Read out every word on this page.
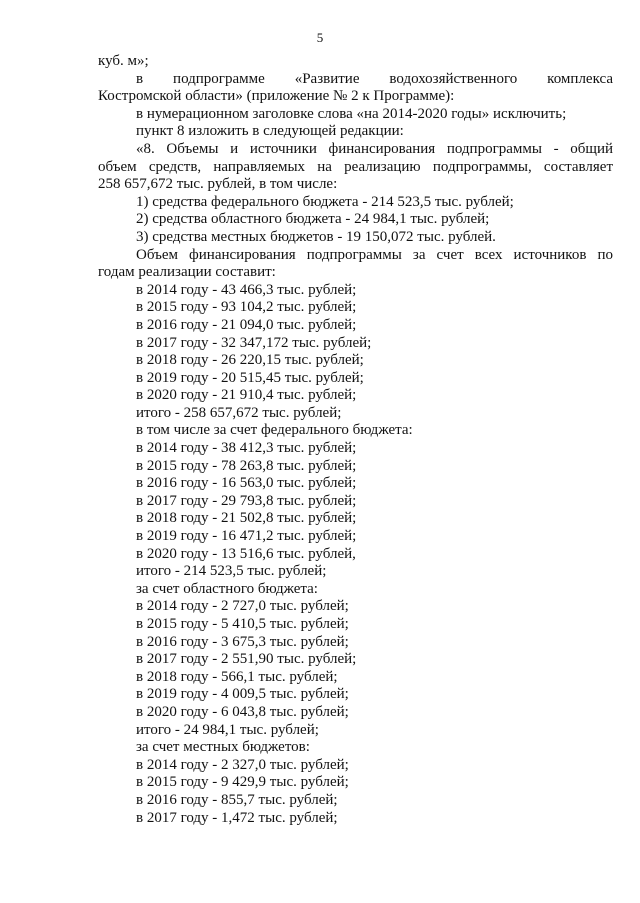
5

куб. м»;

в подпрограмме «Развитие водохозяйственного комплекса

Костромской области» (приложение № 2 к Программе):

в нумерационном заголовке слова «на 2014-2020 годы» исключить;

пункт 8 изложить в следующей редакции:

«8. Объемы и источники финансирования подпрограммы - общий

объем средств, направляемых на реализацию подпрограммы, составляет

258 657,672 тыс. рублей, в том числе:

1) средства федерального бюджета - 214 523,5 тыс. рублей;

2) средства областного бюджета - 24 984,1 тыс. рублей;

3) средства местных бюджетов - 19 150,072 тыс. рублей.

Объем финансирования подпрограммы за счет всех источников по

годам реализации составит:

в 2014 году - 43 466,3 тыс. рублей;

в 2015 году - 93 104,2 тыс. рублей;

в 2016 году - 21 094,0 тыс. рублей;

в 2017 году - 32 347,172 тыс. рублей;

в 2018 году - 26 220,15 тыс. рублей;

в 2019 году - 20 515,45 тыс. рублей;

в 2020 году - 21 910,4 тыс. рублей;

итого - 258 657,672 тыс. рублей;

в том числе за счет федерального бюджета:

в 2014 году - 38 412,3 тыс. рублей;

в 2015 году - 78 263,8 тыс. рублей;

в 2016 году - 16 563,0 тыс. рублей;

в 2017 году - 29 793,8 тыс. рублей;

в 2018 году - 21 502,8 тыс. рублей;

в 2019 году - 16 471,2 тыс. рублей;

в 2020 году - 13 516,6 тыс. рублей,

итого - 214 523,5 тыс. рублей;

за счет областного бюджета:

в 2014 году - 2 727,0 тыс. рублей;

в 2015 году - 5 410,5 тыс. рублей;

в 2016 году - 3 675,3 тыс. рублей;

в 2017 году - 2 551,90 тыс. рублей;

в 2018 году - 566,1 тыс. рублей;

в 2019 году - 4 009,5 тыс. рублей;

в 2020 году - 6 043,8 тыс. рублей;

итого - 24 984,1 тыс. рублей;

за счет местных бюджетов:

в 2014 году - 2 327,0 тыс. рублей;

в 2015 году - 9 429,9 тыс. рублей;

в 2016 году - 855,7 тыс. рублей;

в 2017 году - 1,472 тыс. рублей;
